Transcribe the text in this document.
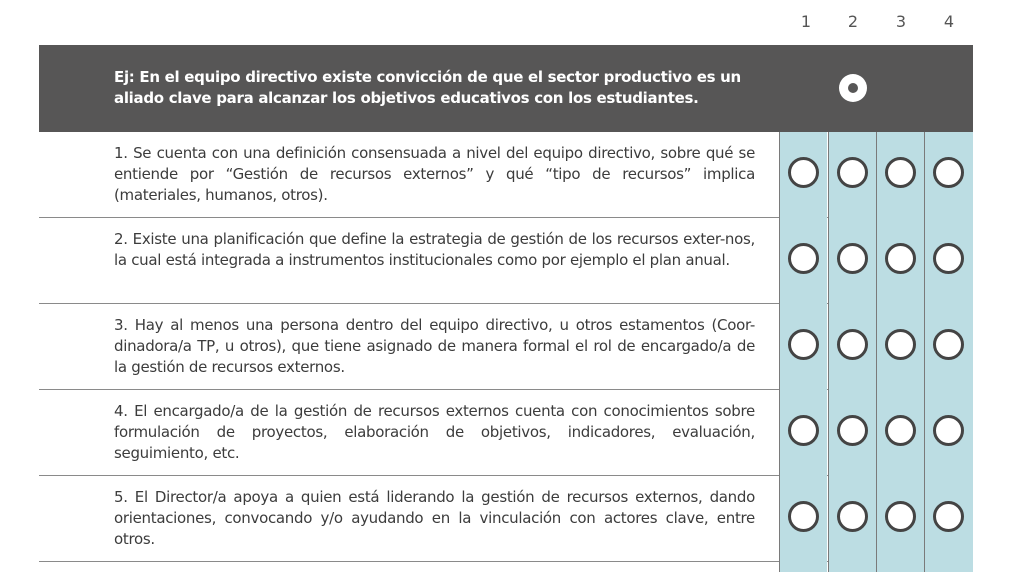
1	2	3	4
Ej: En el equipo directivo existe convicción de que el sector productivo es un aliado clave para alcanzar los objetivos educativos con los estudiantes.
1. Se cuenta con una definición consensuada a nivel del equipo directivo, sobre qué se entiende por “Gestión de recursos externos” y qué “tipo de recursos” implica (materiales, humanos, otros).
2. Existe una planificación que define la estrategia de gestión de los recursos exter-nos, la cual está integrada a instrumentos institucionales como por ejemplo el plan anual.
3. Hay al menos una persona dentro del equipo directivo, u otros estamentos (Coor-dinadora/a TP, u otros), que tiene asignado de manera formal el rol de encargado/a de la gestión de recursos externos.
4. El encargado/a de la gestión de recursos externos cuenta con conocimientos sobre formulación de proyectos, elaboración de objetivos, indicadores, evaluación, seguimiento, etc.
5. El Director/a apoya a quien está liderando la gestión de recursos externos, dando orientaciones, convocando y/o ayudando en la vinculación con actores clave, entre otros.
